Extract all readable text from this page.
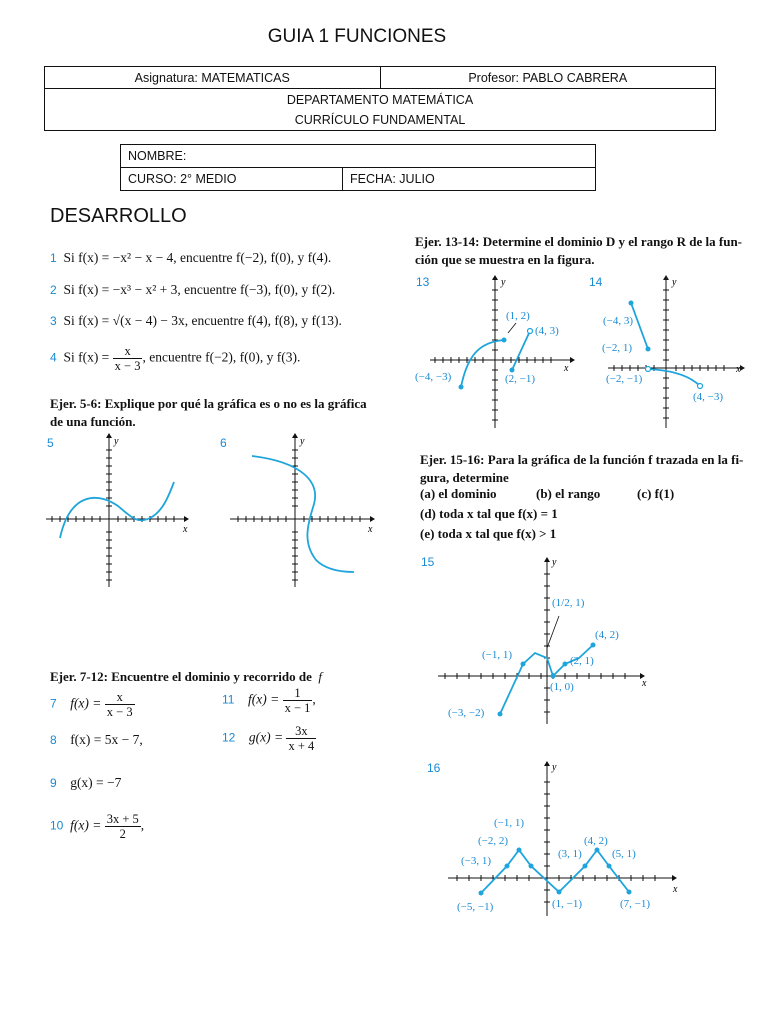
GUIA 1 FUNCIONES
Asignatura: MATEMATICAS	Profesor: PABLO CABRERA

DEPARTAMENTO MATEMÁTICA
CURRÍCULO FUNDAMENTAL
NOMBRE:
CURSO: 2° MEDIO	FECHA: JULIO
DESARROLLO
1 Si f(x) = −x² − x − 4, encuentre f(−2), f(0), y f(4).
2 Si f(x) = −x³ − x² + 3, encuentre f(−3), f(0), y f(2).
3 Si f(x) = √(x − 4) − 3x, encuentre f(4), f(8), y f(13).
4 Si $f(x) = \frac{x}{x - 3}$ , encuentre f(−2), f(0), y f(3).
Ejer. 5-6: Explique por qué la gráfica es o no es la gráfica
de una función.
5	y
x
6	y
x
Ejer. 7-12: Encuentre el dominio y recorrido de f
7 $f(x) = \frac{x}{x - 3}$
8 f(x) = 5x − 7,
9 g(x) = −7
10 $f(x) = \frac{3x + 5}{2}$ ,
11 $f(x) = \frac{1}{x - 1}$ ,
12 $g(x) = \frac{3x}{x + 4}$
Ejer. 13-14: Determine el dominio D y el rango R de la fun-
ción que se muestra en la figura.
13
(1, 2)
(4, 3)
(−4, −3)	(2, −1)
y
x
14
(−4, 3)
(−2, 1)
(−2, −1)
(4, −3)
y
x
Ejer. 15-16: Para la gráfica de la función f trazada en la fi-
gura, determine
(a) el dominio	(b) el rango	(c) f(1)
(d) toda x tal que f(x) = 1
(e) toda x tal que f(x) > 1
15
(1/2, 1)
(4, 2)
(−1, 1)	(2, 1)
(1, 0)
(−3, −2)
y
x
16
(−1, 1)
(−2, 2)	(4, 2)
(−3, 1)
(3, 1)	(5, 1)
(−5, −1)	(1, −1)	(7, −1)
y
x
